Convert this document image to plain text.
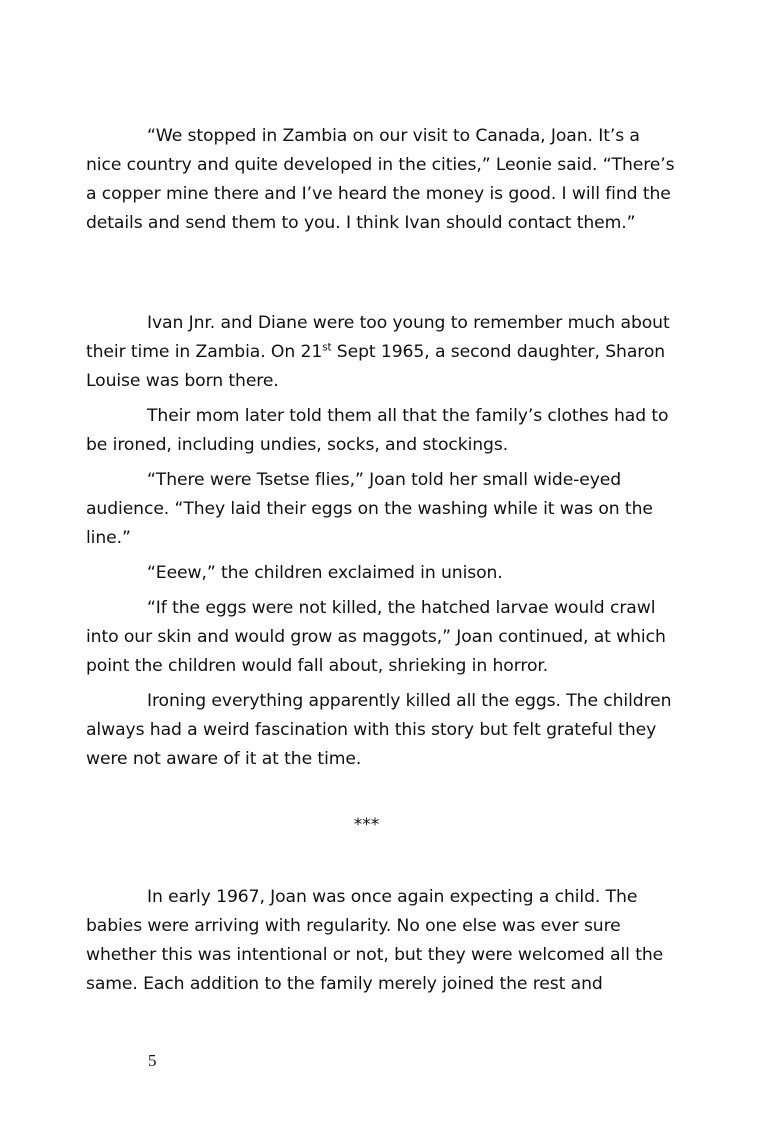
“We stopped in Zambia on our visit to Canada, Joan. It’s a nice country and quite developed in the cities,” Leonie said. “There’s a copper mine there and I’ve heard the money is good. I will find the details and send them to you. I think Ivan should contact them.”

Ivan Jnr. and Diane were too young to remember much about their time in Zambia. On 21st Sept 1965, a second daughter, Sharon Louise was born there.

Their mom later told them all that the family’s clothes had to be ironed, including undies, socks, and stockings.

“There were Tsetse flies,” Joan told her small wide-eyed audience. “They laid their eggs on the washing while it was on the line.”

“Eeew,” the children exclaimed in unison.

“If the eggs were not killed, the hatched larvae would crawl into our skin and would grow as maggots,” Joan continued, at which point the children would fall about, shrieking in horror.

Ironing everything apparently killed all the eggs. The children always had a weird fascination with this story but felt grateful they were not aware of it at the time.

***

In early 1967, Joan was once again expecting a child. The babies were arriving with regularity. No one else was ever sure whether this was intentional or not, but they were welcomed all the same. Each addition to the family merely joined the rest and

5
